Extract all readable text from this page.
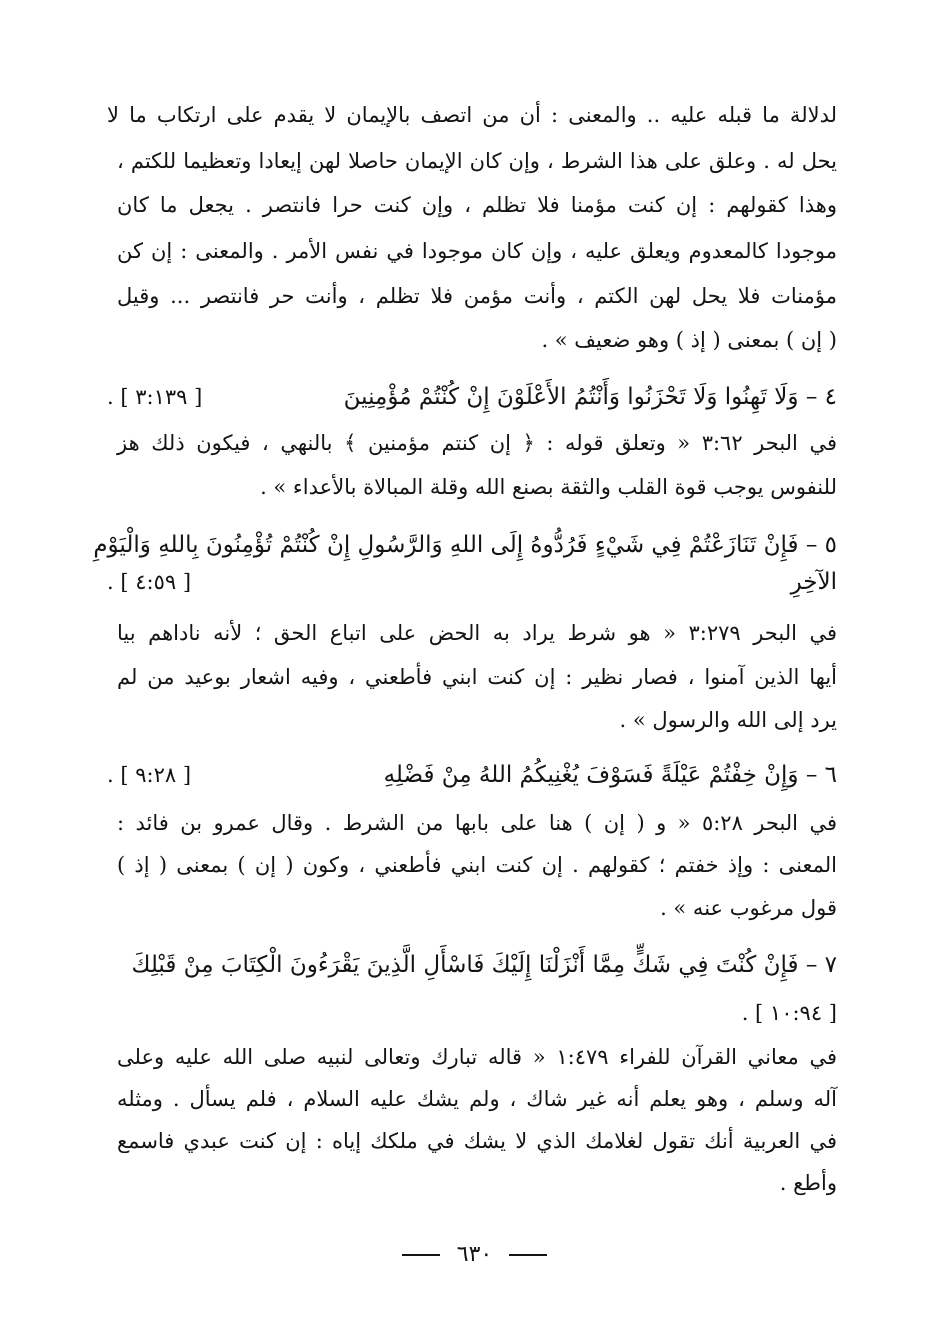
لدلالة ما قبله عليه .. والمعنى : أن من اتصف بالإيمان لا يقدم على ارتكاب ما لا
يحل له . وعلق على هذا الشرط ، وإن كان الإيمان حاصلا لهن إيعادا وتعظيما للكتم ،
وهذا كقولهم : إن كنت مؤمنا فلا تظلم ، وإن كنت حرا فانتصر . يجعل ما كان
موجودا كالمعدوم ويعلق عليه ، وإن كان موجودا في نفس الأمر . والمعنى : إن كن
مؤمنات فلا يحل لهن الكتم ، وأنت مؤمن فلا تظلم ، وأنت حر فانتصر ... وقيل
( إن ) بمعنى ( إذ ) وهو ضعيف » .
٤ – وَلَا تَهِنُوا وَلَا تَحْزَنُوا وَأَنْتُمُ الأَعْلَوْنَ إِنْ كُنْتُمْ مُؤْمِنِينَ
[ ٣:١٣٩ ] .
في البحر ٣:٦٢ « وتعلق قوله : ﴿ إن كنتم مؤمنين ﴾ بالنهي ، فيكون ذلك هز
للنفوس يوجب قوة القلب والثقة بصنع الله وقلة المبالاة بالأعداء » .
٥ – فَإِنْ تَنَازَعْتُمْ فِي شَيْءٍ فَرُدُّوهُ إِلَى اللهِ وَالرَّسُولِ إِنْ كُنْتُمْ تُؤْمِنُونَ بِاللهِ وَالْيَوْمِ
الآخِرِ
[ ٤:٥٩ ] .
في البحر ٣:٢٧٩ « هو شرط يراد به الحض على اتباع الحق ؛ لأنه ناداهم بيا
أيها الذين آمنوا ، فصار نظير : إن كنت ابني فأطعني ، وفيه اشعار بوعيد من لم
يرد إلى الله والرسول » .
٦ – وَإِنْ خِفْتُمْ عَيْلَةً فَسَوْفَ يُغْنِيكُمُ اللهُ مِنْ فَضْلِهِ
[ ٩:٢٨ ] .
في البحر ٥:٢٨ « و ( إن ) هنا على بابها من الشرط . وقال عمرو بن فائد :
المعنى : وإذ خفتم ؛ كقولهم . إن كنت ابني فأطعني ، وكون ( إن ) بمعنى ( إذ )
قول مرغوب عنه » .
٧ – فَإِنْ كُنْتَ فِي شَكٍّ مِمَّا أَنْزَلْنَا إِلَيْكَ فَاسْأَلِ الَّذِينَ يَقْرَءُونَ الْكِتَابَ مِنْ قَبْلِكَ
[ ١٠:٩٤ ] .
في معاني القرآن للفراء ١:٤٧٩ « قاله تبارك وتعالى لنبيه صلى الله عليه وعلى
آله وسلم ، وهو يعلم أنه غير شاك ، ولم يشك عليه السلام ، فلم يسأل . ومثله
في العربية أنك تقول لغلامك الذي لا يشك في ملكك إياه : إن كنت عبدي فاسمع
وأطع .
٦٣٠
